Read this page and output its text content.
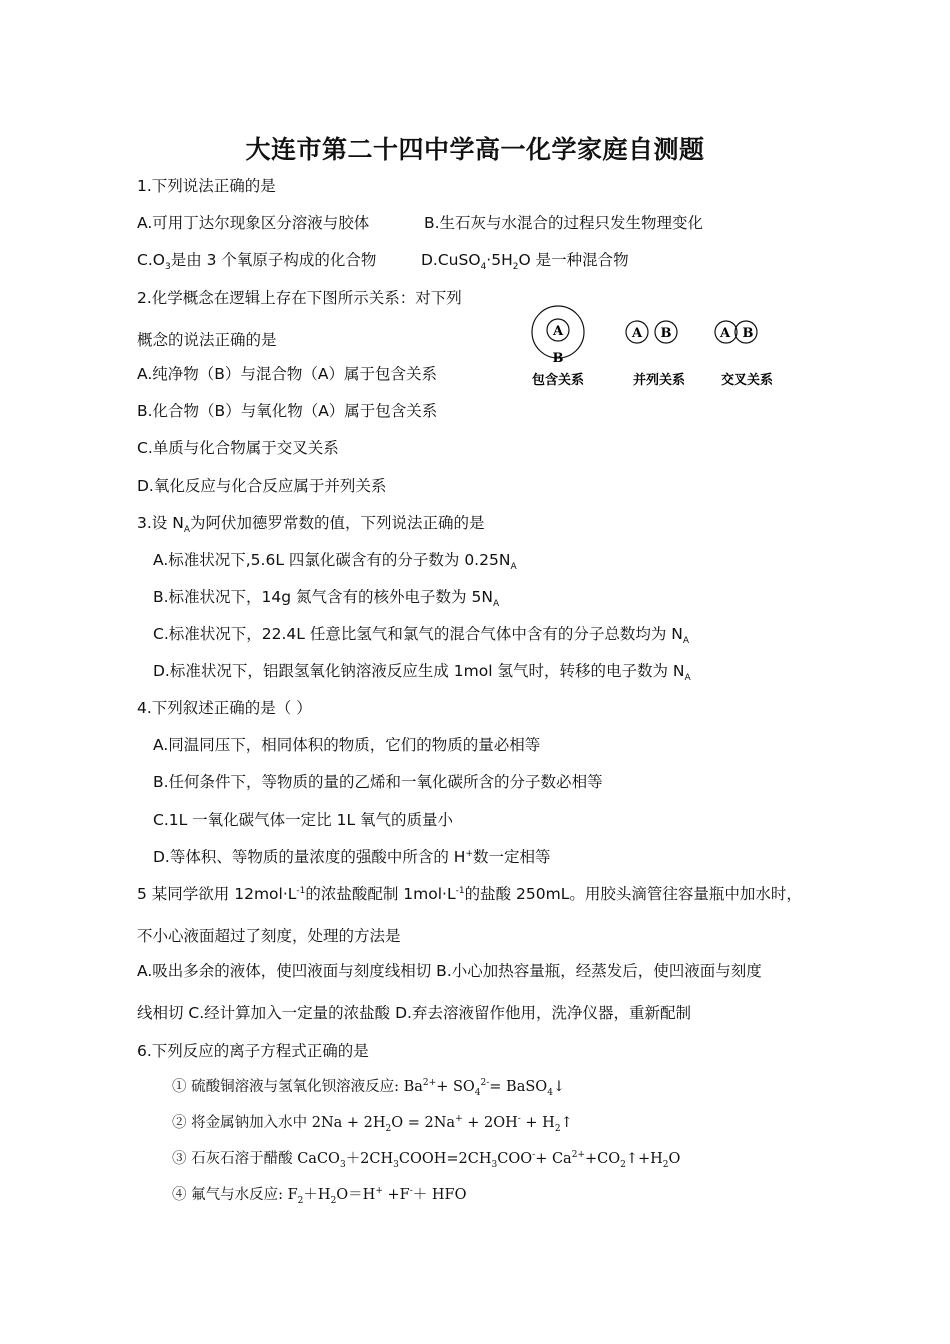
大连市第二十四中学高一化学家庭自测题
1.下列说法正确的是
A.可用丁达尔现象区分溶液与胶体	B.生石灰与水混合的过程只发生物理变化
$C.O_3$是由 3 个氧原子构成的化合物	$D.CuSO_4\cdot 5H_2O$ 是一种混合物
2.化学概念在逻辑上存在下图所示关系：对下列
概念的说法正确的是
A.纯净物（B）与混合物（A）属于包含关系
B.化合物（B）与氧化物（A）属于包含关系
C.单质与化合物属于交叉关系
D.氧化反应与化合反应属于并列关系
A
B
包含关系
A B
并列关系
A B
交叉关系
3.设 $N_A$为阿伏加德罗常数的值，下列说法正确的是
A.标准状况下,5.6L 四氯化碳含有的分子数为 $0.25N_A$
B.标准状况下，14g 氮气含有的核外电子数为 $5N_A$
C.标准状况下，22.4L 任意比氢气和氯气的混合气体中含有的分子总数均为 $N_A$
D.标准状况下，铝跟氢氧化钠溶液反应生成 1mol 氢气时，转移的电子数为 $N_A$
4.下列叙述正确的是（ ）
A.同温同压下，相同体积的物质，它们的物质的量必相等
B.任何条件下，等物质的量的乙烯和一氧化碳所含的分子数必相等
C.1L 一氧化碳气体一定比 1L 氧气的质量小
D.等体积、等物质的量浓度的强酸中所含的 H+数一定相等
5 某同学欲用 $12mol\cdot L^{-1}$的浓盐酸配制 $1mol\cdot L^{-1}$的盐酸 250mL。用胶头滴管往容量瓶中加水时，
不小心液面超过了刻度，处理的方法是
A.吸出多余的液体，使凹液面与刻度线相切 B.小心加热容量瓶，经蒸发后，使凹液面与刻度
线相切 C.经计算加入一定量的浓盐酸 D.弃去溶液留作他用，洗净仪器，重新配制
6.下列反应的离子方程式正确的是
① 硫酸铜溶液与氢氧化钡溶液反应: $Ba^{2+}+ SO_4^{2-}=$ BaSO$_4$↓
② 将金属钠加入水中 $2Na + 2H_2O = 2Na^+ + 2OH^-$ + $H_2↑$
③ 石灰石溶于醋酸 $CaCO_3+2CH_3COOH=2CH_3COO^-+$ $Ca^{2+}+CO_2↑+H_2O$
④ 氟气与水反应: $F_2+H_2O=H^+ +F^-+$ HFO
